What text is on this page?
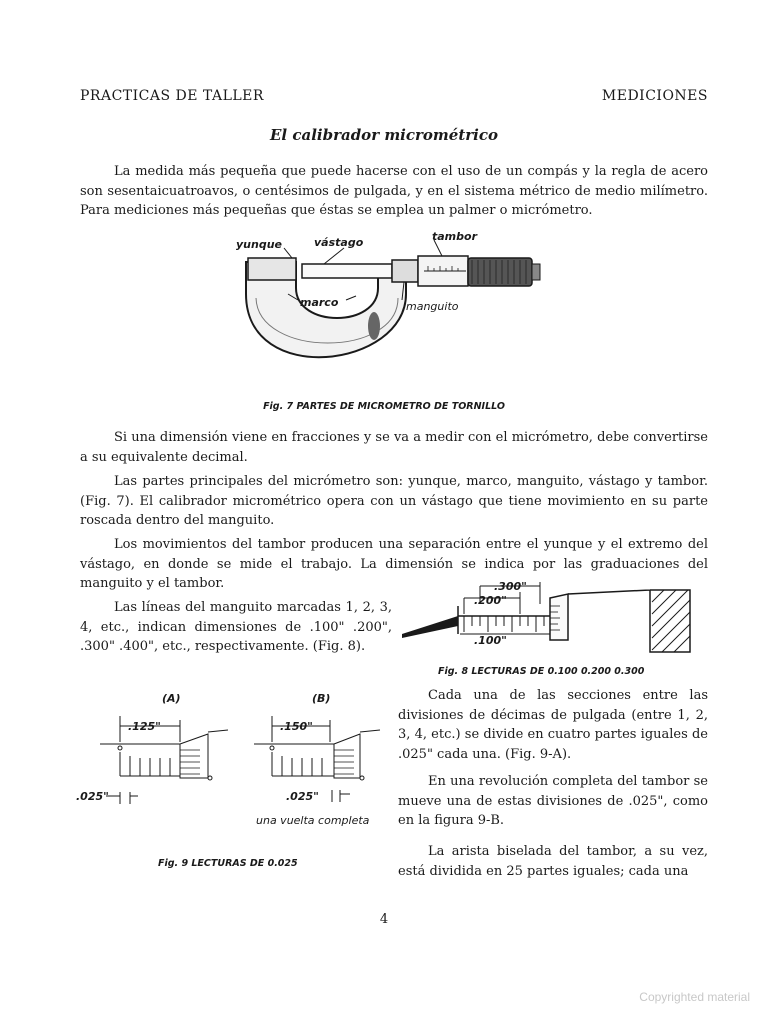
PRACTICAS DE TALLER	MEDICIONES
El calibrador micrométrico
La medida más pequeña que puede hacerse con el uso de un compás y la regla de acero son sesentaicuatroavos, o centésimos de pulgada, y en el sistema métrico de medio milímetro. Para mediciones más pequeñas que éstas se emplea un palmer o micrómetro.
yunque	vástago	tambor
marco	manguito
Fig. 7 PARTES DE MICROMETRO DE TORNILLO
Si una dimensión viene en fracciones y se va a medir con el micrómetro, debe convertirse a su equivalente decimal.
Las partes principales del micrómetro son: yunque, marco, manguito, vástago y tambor. (Fig. 7). El calibrador micrométrico opera con un vástago que tiene movimiento en su parte roscada dentro del manguito.
Los movimientos del tambor producen una separación entre el yunque y el extremo del vástago, en donde se mide el trabajo. La dimensión se indica por las graduaciones del manguito y el tambor.	.300"
.200"
.100"
Las líneas del manguito marcadas 1, 2, 3, 4, etc., indican dimensiones de .100" .200", .300" .400", etc., respectivamente. (Fig. 8).
Fig. 8 LECTURAS DE 0.100 0.200 0.300
(A)	(B)
.125"
.025"
.150"
.025"
una vuelta completa
Fig. 9 LECTURAS DE 0.025
Cada una de las secciones entre las divisiones de décimas de pulgada (entre 1, 2, 3, 4, etc.) se divide en cuatro partes iguales de .025" cada una. (Fig. 9-A).
En una revolución completa del tambor se mueve una de estas divisiones de .025", como en la figura 9-B.
La arista biselada del tambor, a su vez, está dividida en 25 partes iguales; cada una
4
Copyrighted material
